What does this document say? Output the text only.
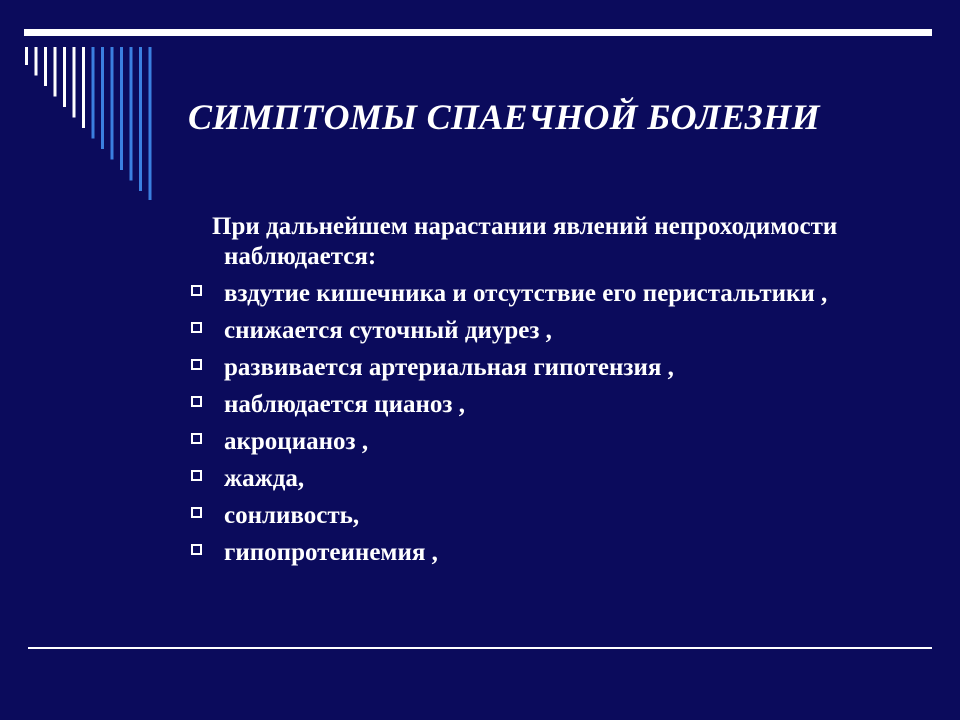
СИМПТОМЫ СПАЕЧНОЙ БОЛЕЗНИ
При дальнейшем нарастании явлений непроходимости наблюдается:
вздутие кишечника и отсутствие его перистальтики ,
снижается суточный диурез ,
развивается артериальная гипотензия ,
наблюдается цианоз ,
акроцианоз ,
жажда,
сонливость,
гипопротеинемия ,
